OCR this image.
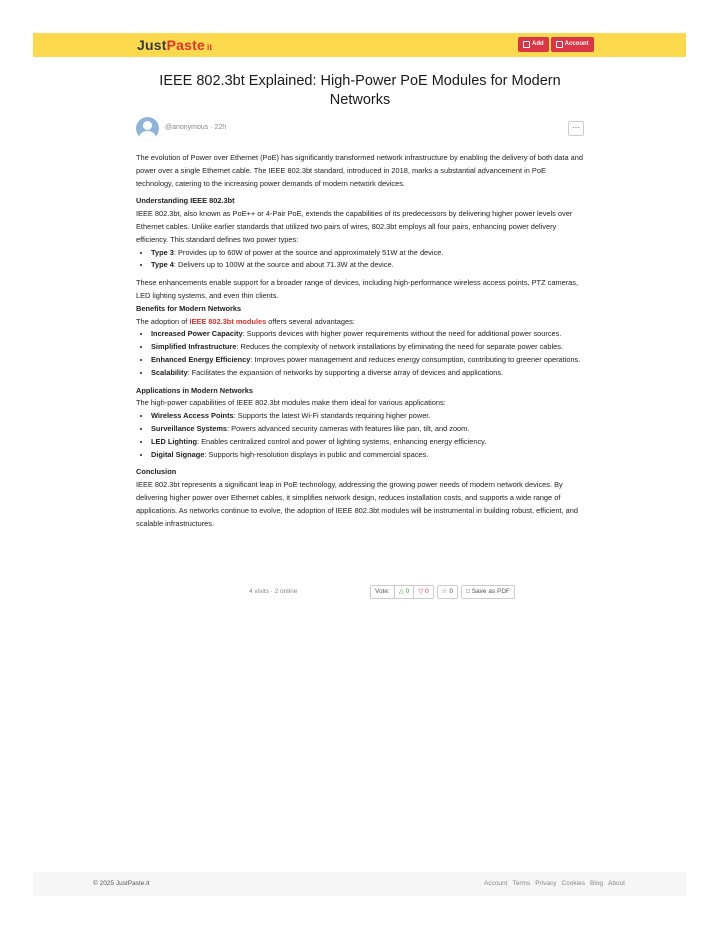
JustPaste it	Add	Account
IEEE 802.3bt Explained: High-Power PoE Modules for Modern Networks
@anonymous · 22h	···

The evolution of Power over Ethernet (PoE) has significantly transformed network infrastructure by enabling the delivery of both data and power over a single Ethernet cable. The IEEE 802.3bt standard, introduced in 2018, marks a substantial advancement in PoE technology, catering to the increasing power demands of modern network devices.

Understanding IEEE 802.3bt

IEEE 802.3bt, also known as PoE++ or 4-Pair PoE, extends the capabilities of its predecessors by delivering higher power levels over Ethernet cables. Unlike earlier standards that utilized two pairs of wires, 802.3bt employs all four pairs, enhancing power delivery efficiency. This standard defines two power types:

• Type 3: Provides up to 60W of power at the source and approximately 51W at the device.
• Type 4: Delivers up to 100W at the source and about 71.3W at the device.

These enhancements enable support for a broader range of devices, including high-performance wireless access points, PTZ cameras, LED lighting systems, and even thin clients.

Benefits for Modern Networks

The adoption of IEEE 802.3bt modules offers several advantages:

• Increased Power Capacity: Supports devices with higher power requirements without the need for additional power sources.
• Simplified Infrastructure: Reduces the complexity of network installations by eliminating the need for separate power cables.
• Enhanced Energy Efficiency: Improves power management and reduces energy consumption, contributing to greener operations.
• Scalability: Facilitates the expansion of networks by supporting a diverse array of devices and applications.
Applications in Modern Networks

The high-power capabilities of IEEE 802.3bt modules make them ideal for various applications:

• Wireless Access Points: Supports the latest Wi-Fi standards requiring higher power.
• Surveillance Systems: Powers advanced security cameras with features like pan, tilt, and zoom.
• LED Lighting: Enables centralized control and power of lighting systems, enhancing energy efficiency.
• Digital Signage: Supports high-resolution displays in public and commercial spaces.
Conclusion

IEEE 802.3bt represents a significant leap in PoE technology, addressing the growing power needs of modern network devices. By delivering higher power over Ethernet cables, it simplifies network design, reduces installation costs, and supports a wide range of applications. As networks continue to evolve, the adoption of IEEE 802.3bt modules will be instrumental in building robust, efficient, and scalable infrastructures.

4 visits · 2 online	Vote:	△ 0	▽ 0	☆ 0	□ Save as PDF
© 2025 JustPaste.it	Account Terms Privacy Cookies Blog About
